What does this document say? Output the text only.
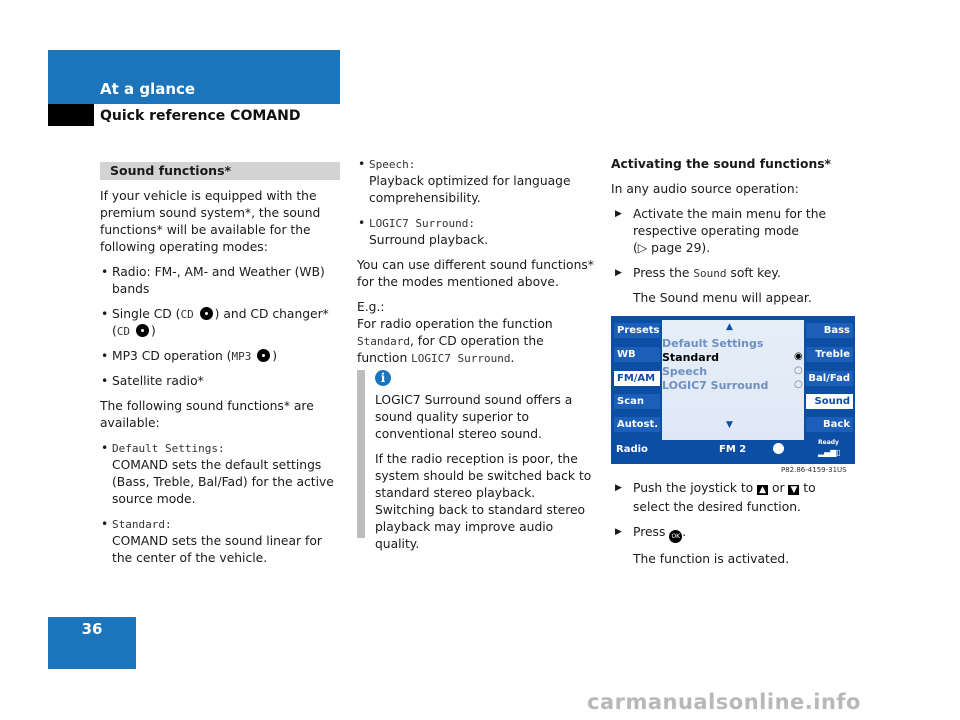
At a glance
Quick reference COMAND
Sound functions*

If your vehicle is equipped with the premium sound system*, the sound functions* will be available for the following operating modes:

• Radio: FM-, AM- and Weather (WB) bands
• Single CD (CD ) and CD changer*
(CD )
• MP3 CD operation (MP3 )
• Satellite radio*

The following sound functions* are available:

• Default Settings:
COMAND sets the default settings (Bass, Treble, Bal/Fad) for the active source mode.
• Standard:
COMAND sets the sound linear for the center of the vehicle.
• Speech:
Playback optimized for language comprehensibility.
• LOGIC7 Surround:
Surround playback.

You can use different sound functions* for the modes mentioned above.

E.g.:
For radio operation the function Standard, for CD operation the function LOGIC7 Surround.

i

LOGIC7 Surround sound offers a sound quality superior to conventional stereo sound.

If the radio reception is poor, the system should be switched back to standard stereo playback. Switching back to standard stereo playback may improve audio quality.

Activating the sound functions*

In any audio source operation:

▶ Activate the main menu for the respective operating mode
(▷ page 29).
▶ Press the Sound soft key.
The Sound menu will appear.
▲
▼
Presets
WB
FM/AM
Scan
Autost.
Bass
Treble
Bal/Fad
Sound
Back
Default Settings
Standard
Speech
LOGIC7 Surround
◉
○
○
Radio	FM 2
Ready
▂▄▆▯
P82.86-4159-31US
▶ Push the joystick to ▲ or ▼ to select the desired function.
▶ Press OK .
The function is activated.
36
carmanualsonline.info
